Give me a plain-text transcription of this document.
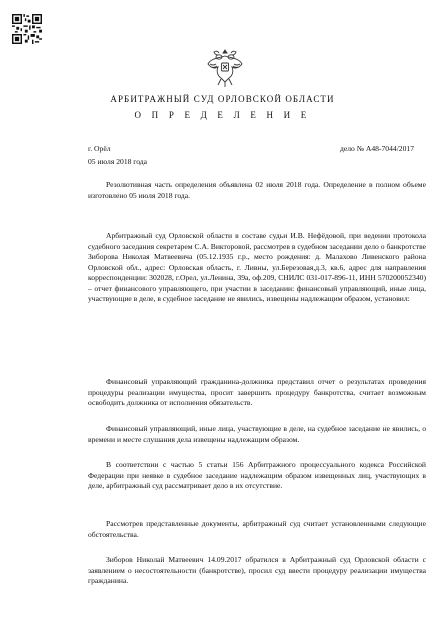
АРБИТРАЖНЫЙ СУД ОРЛОВСКОЙ ОБЛАСТИ
О П Р Е Д Е Л Е Н И Е
г. Орёл
05 июля 2018 года
дело № А48-7044/2017
Резолютивная часть определения объявлена 02 июля 2018 года. Определение в полном объеме изготовлено 05 июля 2018 года.
Арбитражный суд Орловской области в составе судьи И.В. Нефёдовой, при ведении протокола судебного заседания секретарем С.А. Викторовой, рассмотрев в судебном заседании дело о банкротстве Зиборова Николая Матвеевича (05.12.1935 г.р., место рождения: д. Малахово Ливенского района Орловской обл., адрес: Орловская область, г. Ливны, ул.Березовая,д.3, кв.6, адрес для направления корреспонденции: 302028, г.Орел, ул.Ленина, 39а, оф.209, СНИЛС 031-017-896-11, ИНН 570200052340) – отчет финансового управляющего, при участии в заседании: финансовый управляющий, иные лица, участвующие в деле, в судебное заседание не явились, извещены надлежащим образом, установил:
Финансовый управляющий гражданина-должника представил отчет о результатах проведения процедуры реализации имущества, просит завершить процедуру банкротства, считает возможным освободить должника от исполнения обязательств.
Финансовый управляющий, иные лица, участвующие в деле, на судебное заседание не явились, о времени и месте слушания дела извещены надлежащим образом.
В соответствии с частью 5 статьи 156 Арбитражного процессуального кодекса Российской Федерации при неявке в судебное заседание надлежащим образом извещенных лиц, участвующих в деле, арбитражный суд рассматривает дело в их отсутствие.
Рассмотрев представленные документы, арбитражный суд считает установленными следующие обстоятельства.
Зиборов Николай Матвеевич 14.09.2017 обратился в Арбитражный суд Орловской области с заявлением о несостоятельности (банкротстве), просил суд ввести процедуру реализации имущества гражданина.
